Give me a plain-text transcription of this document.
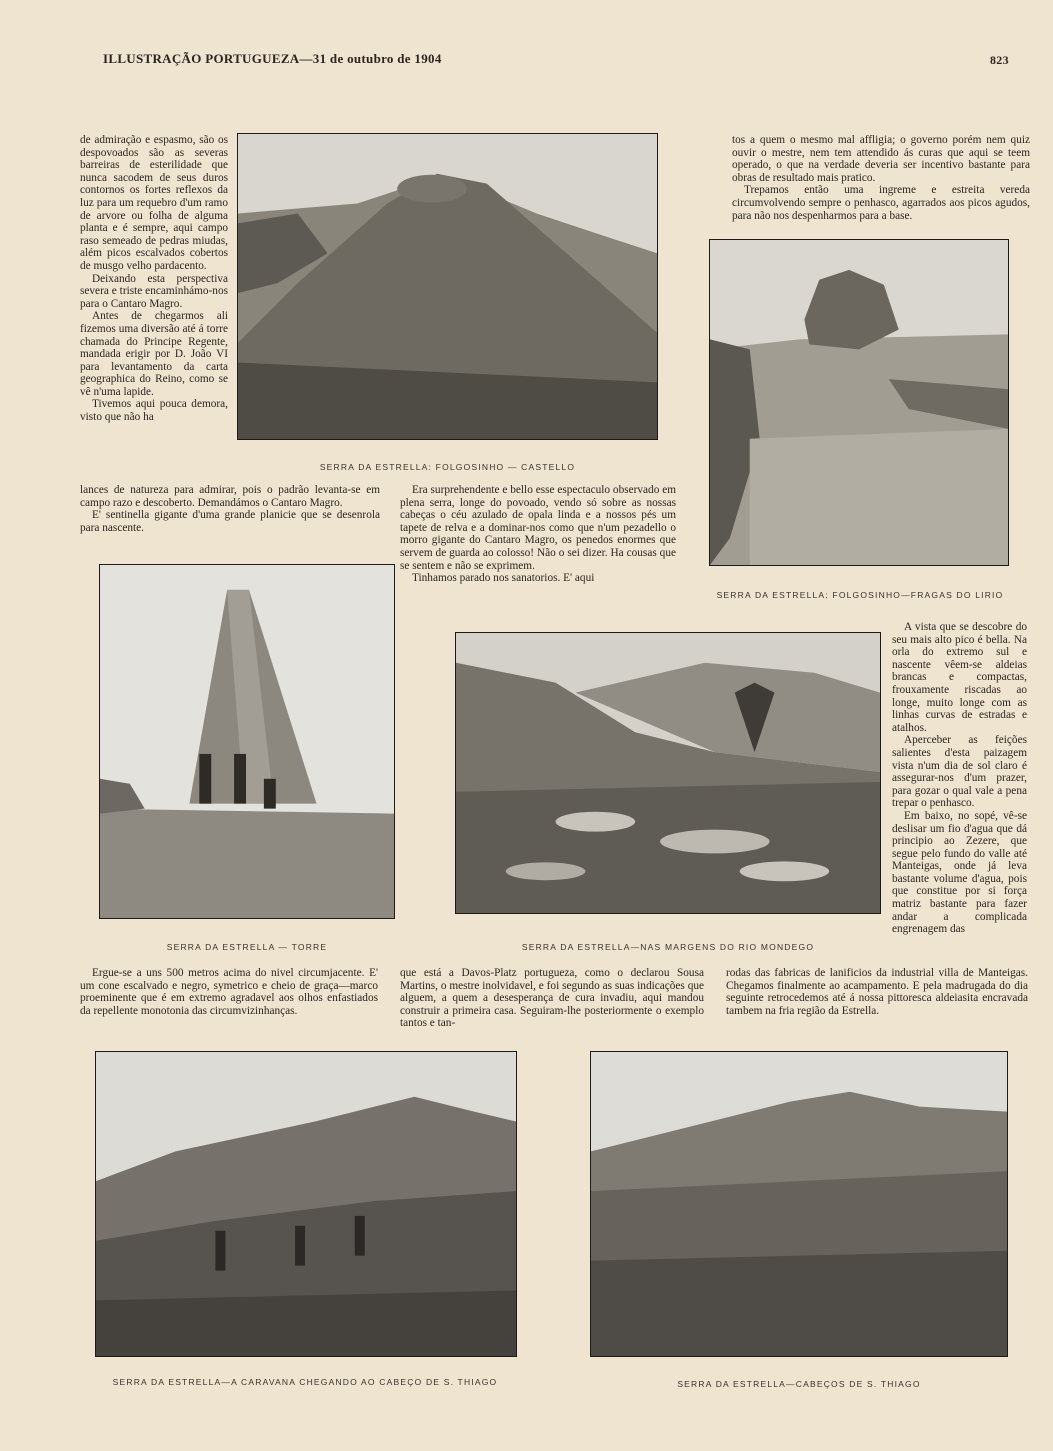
ILLUSTRAÇÃO PORTUGUEZA—31 de outubro de 1904	823

de admiração e espasmo, são os despovoados são as severas barreiras de esterilidade que nunca sacodem de seus duros contornos os fortes reflexos da luz para um requebro d'um ramo de arvore ou folha de alguma planta e é sempre, aqui campo raso semeado de pedras miudas, além picos escalvados cobertos de musgo velho pardacento.

Deixando esta perspectiva severa e triste encaminhámo-nos para o Cantaro Magro.

Antes de chegarmos ali fizemos uma diversão até á torre chamada do Principe Regente, mandada erigir por D. João VI para levantamento da carta geographica do Reino, como se vê n'uma lapide.

Tivemos aqui pouca demora, visto que não ha

lances de natureza para admirar, pois o padrão levanta-se em campo razo e descoberto. Demandámos o Cantaro Magro.

E' sentinella gigante d'uma grande planicie que se desenrola para nascente.

SERRA DA ESTRELLA: FOLGOSINHO — CASTELLO

Era surprehendente e bello esse espectaculo observado em plena serra, longe do povoado, vendo só sobre as nossas cabeças o céu azulado de opala linda e a nossos pés um tapete de relva e a dominar-nos como que n'um pezadello o morro gigante do Cantaro Magro, os penedos enormes que servem de guarda ao colosso! Não o sei dizer. Ha cousas que se sentem e não se exprimem.

Tinhamos parado nos sanatorios. E' aqui

tos a quem o mesmo mal affligia; o governo porém nem quiz ouvir o mestre, nem tem attendido ás curas que aqui se teem operado, o que na verdade deveria ser incentivo bastante para obras de resultado mais pratico.

Trepamos então uma ingreme e estreita vereda circumvolvendo sempre o penhasco, agarrados aos picos agudos, para não nos despenharmos para a base.

SERRA DA ESTRELLA: FOLGOSINHO—FRAGAS DO LIRIO
SERRA DA ESTRELLA — TORRE	SERRA DA ESTRELLA—NAS MARGENS DO RIO MONDEGO

A vista que se descobre do seu mais alto pico é bella. Na orla do extremo sul e nascente vêem-se aldeias brancas e compactas, frouxamente riscadas ao longe, muito longe com as linhas curvas de estradas e atalhos.

Aperceber as feições salientes d'esta paizagem vista n'um dia de sol claro é assegurar-nos d'um prazer, para gozar o qual vale a pena trepar o penhasco.

Em baixo, no sopé, vê-se deslisar um fio d'agua que dá principio ao Zezere, que segue pelo fundo do valle até Manteigas, onde já leva bastante volume d'agua, pois que constitue por si força matriz bastante para fazer andar a complicada engrenagem das

Ergue-se a uns 500 metros acima do nivel circumjacente. E' um cone escalvado e negro, symetrico e cheio de graça—marco proeminente que é em extremo agradavel aos olhos enfastiados da repellente monotonia das circumvizinhanças.

que está a Davos-Platz portugueza, como o declarou Sousa Martins, o mestre inolvidavel, e foi segundo as suas indicações que alguem, a quem a desesperança de cura invadiu, aqui mandou construir a primeira casa. Seguiram-lhe posteriormente o exemplo tantos e tan-

rodas das fabricas de lanificios da industrial villa de Manteigas. Chegamos finalmente ao acampamento. E pela madrugada do dia seguinte retrocedemos até á nossa pittoresca aldeiasita encravada tambem na fria região da Estrella.

SERRA DA ESTRELLA—A CARAVANA CHEGANDO AO CABEÇO DE S. THIAGO	SERRA DA ESTRELLA—CABEÇOS DE S. THIAGO
